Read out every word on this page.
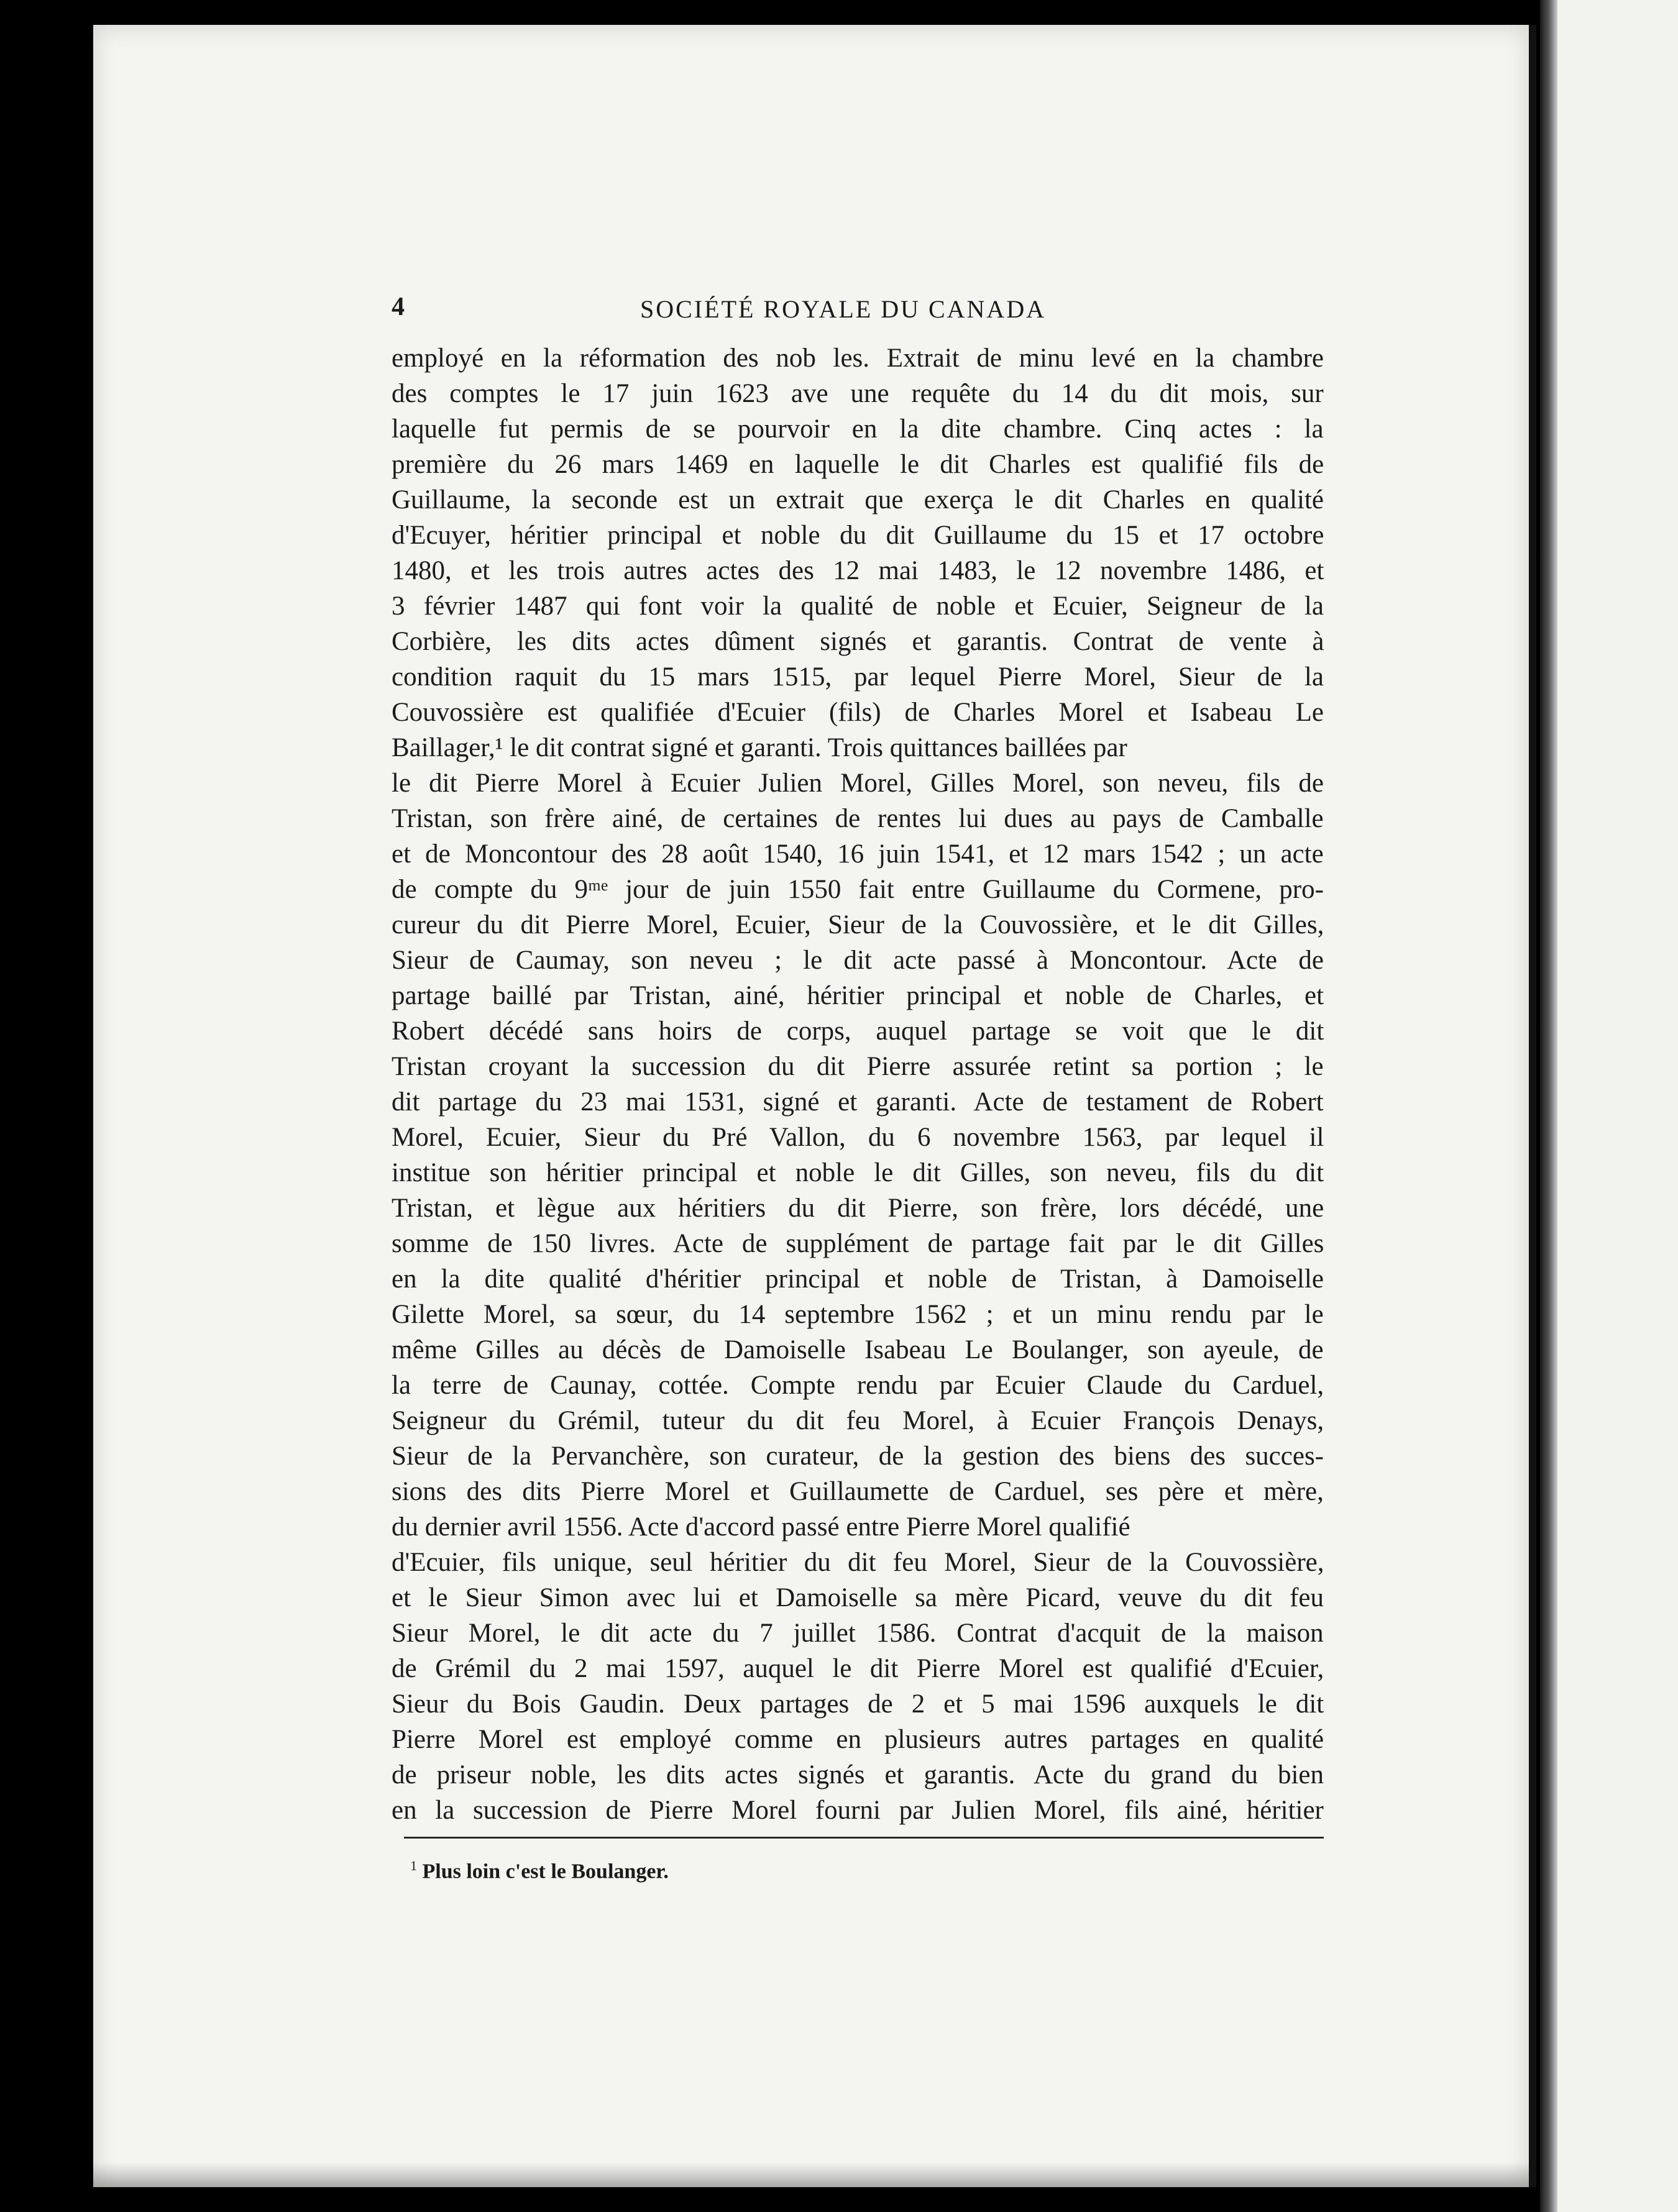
4	SOCIÉTÉ ROYALE DU CANADA
employé en la réformation des nob les. Extrait de minu levé en la chambre
des comptes le 17 juin 1623 ave une requête du 14 du dit mois, sur
laquelle fut permis de se pourvoir en la dite chambre. Cinq actes : la
première du 26 mars 1469 en laquelle le dit Charles est qualifié fils de
Guillaume, la seconde est un extrait que exerça le dit Charles en qualité
d'Ecuyer, héritier principal et noble du dit Guillaume du 15 et 17 octobre
1480, et les trois autres actes des 12 mai 1483, le 12 novembre 1486, et
3 février 1487 qui font voir la qualité de noble et Ecuier, Seigneur de la
Corbière, les dits actes dûment signés et garantis. Contrat de vente à
condition raquit du 15 mars 1515, par lequel Pierre Morel, Sieur de la
Couvossière est qualifiée d'Ecuier (fils) de Charles Morel et Isabeau Le
Baillager,¹ le dit contrat signé et garanti. Trois quittances baillées par
le dit Pierre Morel à Ecuier Julien Morel, Gilles Morel, son neveu, fils de
Tristan, son frère ainé, de certaines de rentes lui dues au pays de Camballe
et de Moncontour des 28 août 1540, 16 juin 1541, et 12 mars 1542 ; un acte
de compte du 9ᵐᵉ jour de juin 1550 fait entre Guillaume du Cormene, pro-
cureur du dit Pierre Morel, Ecuier, Sieur de la Couvossière, et le dit Gilles,
Sieur de Caumay, son neveu ; le dit acte passé à Moncontour. Acte de
partage baillé par Tristan, ainé, héritier principal et noble de Charles, et
Robert décédé sans hoirs de corps, auquel partage se voit que le dit
Tristan croyant la succession du dit Pierre assurée retint sa portion ; le
dit partage du 23 mai 1531, signé et garanti. Acte de testament de Robert
Morel, Ecuier, Sieur du Pré Vallon, du 6 novembre 1563, par lequel il
institue son héritier principal et noble le dit Gilles, son neveu, fils du dit
Tristan, et lègue aux héritiers du dit Pierre, son frère, lors décédé, une
somme de 150 livres. Acte de supplément de partage fait par le dit Gilles
en la dite qualité d'héritier principal et noble de Tristan, à Damoiselle
Gilette Morel, sa sœur, du 14 septembre 1562 ; et un minu rendu par le
même Gilles au décès de Damoiselle Isabeau Le Boulanger, son ayeule, de
la terre de Caunay, cottée. Compte rendu par Ecuier Claude du Carduel,
Seigneur du Grémil, tuteur du dit feu Morel, à Ecuier François Denays,
Sieur de la Pervanchère, son curateur, de la gestion des biens des succes-
sions des dits Pierre Morel et Guillaumette de Carduel, ses père et mère,
du dernier avril 1556. Acte d'accord passé entre Pierre Morel qualifié
d'Ecuier, fils unique, seul héritier du dit feu Morel, Sieur de la Couvossière,
et le Sieur Simon avec lui et Damoiselle sa mère Picard, veuve du dit feu
Sieur Morel, le dit acte du 7 juillet 1586. Contrat d'acquit de la maison
de Grémil du 2 mai 1597, auquel le dit Pierre Morel est qualifié d'Ecuier,
Sieur du Bois Gaudin. Deux partages de 2 et 5 mai 1596 auxquels le dit
Pierre Morel est employé comme en plusieurs autres partages en qualité
de priseur noble, les dits actes signés et garantis. Acte du grand du bien
en la succession de Pierre Morel fourni par Julien Morel, fils ainé, héritier
$^1$ Plus loin c'est le Boulanger.
